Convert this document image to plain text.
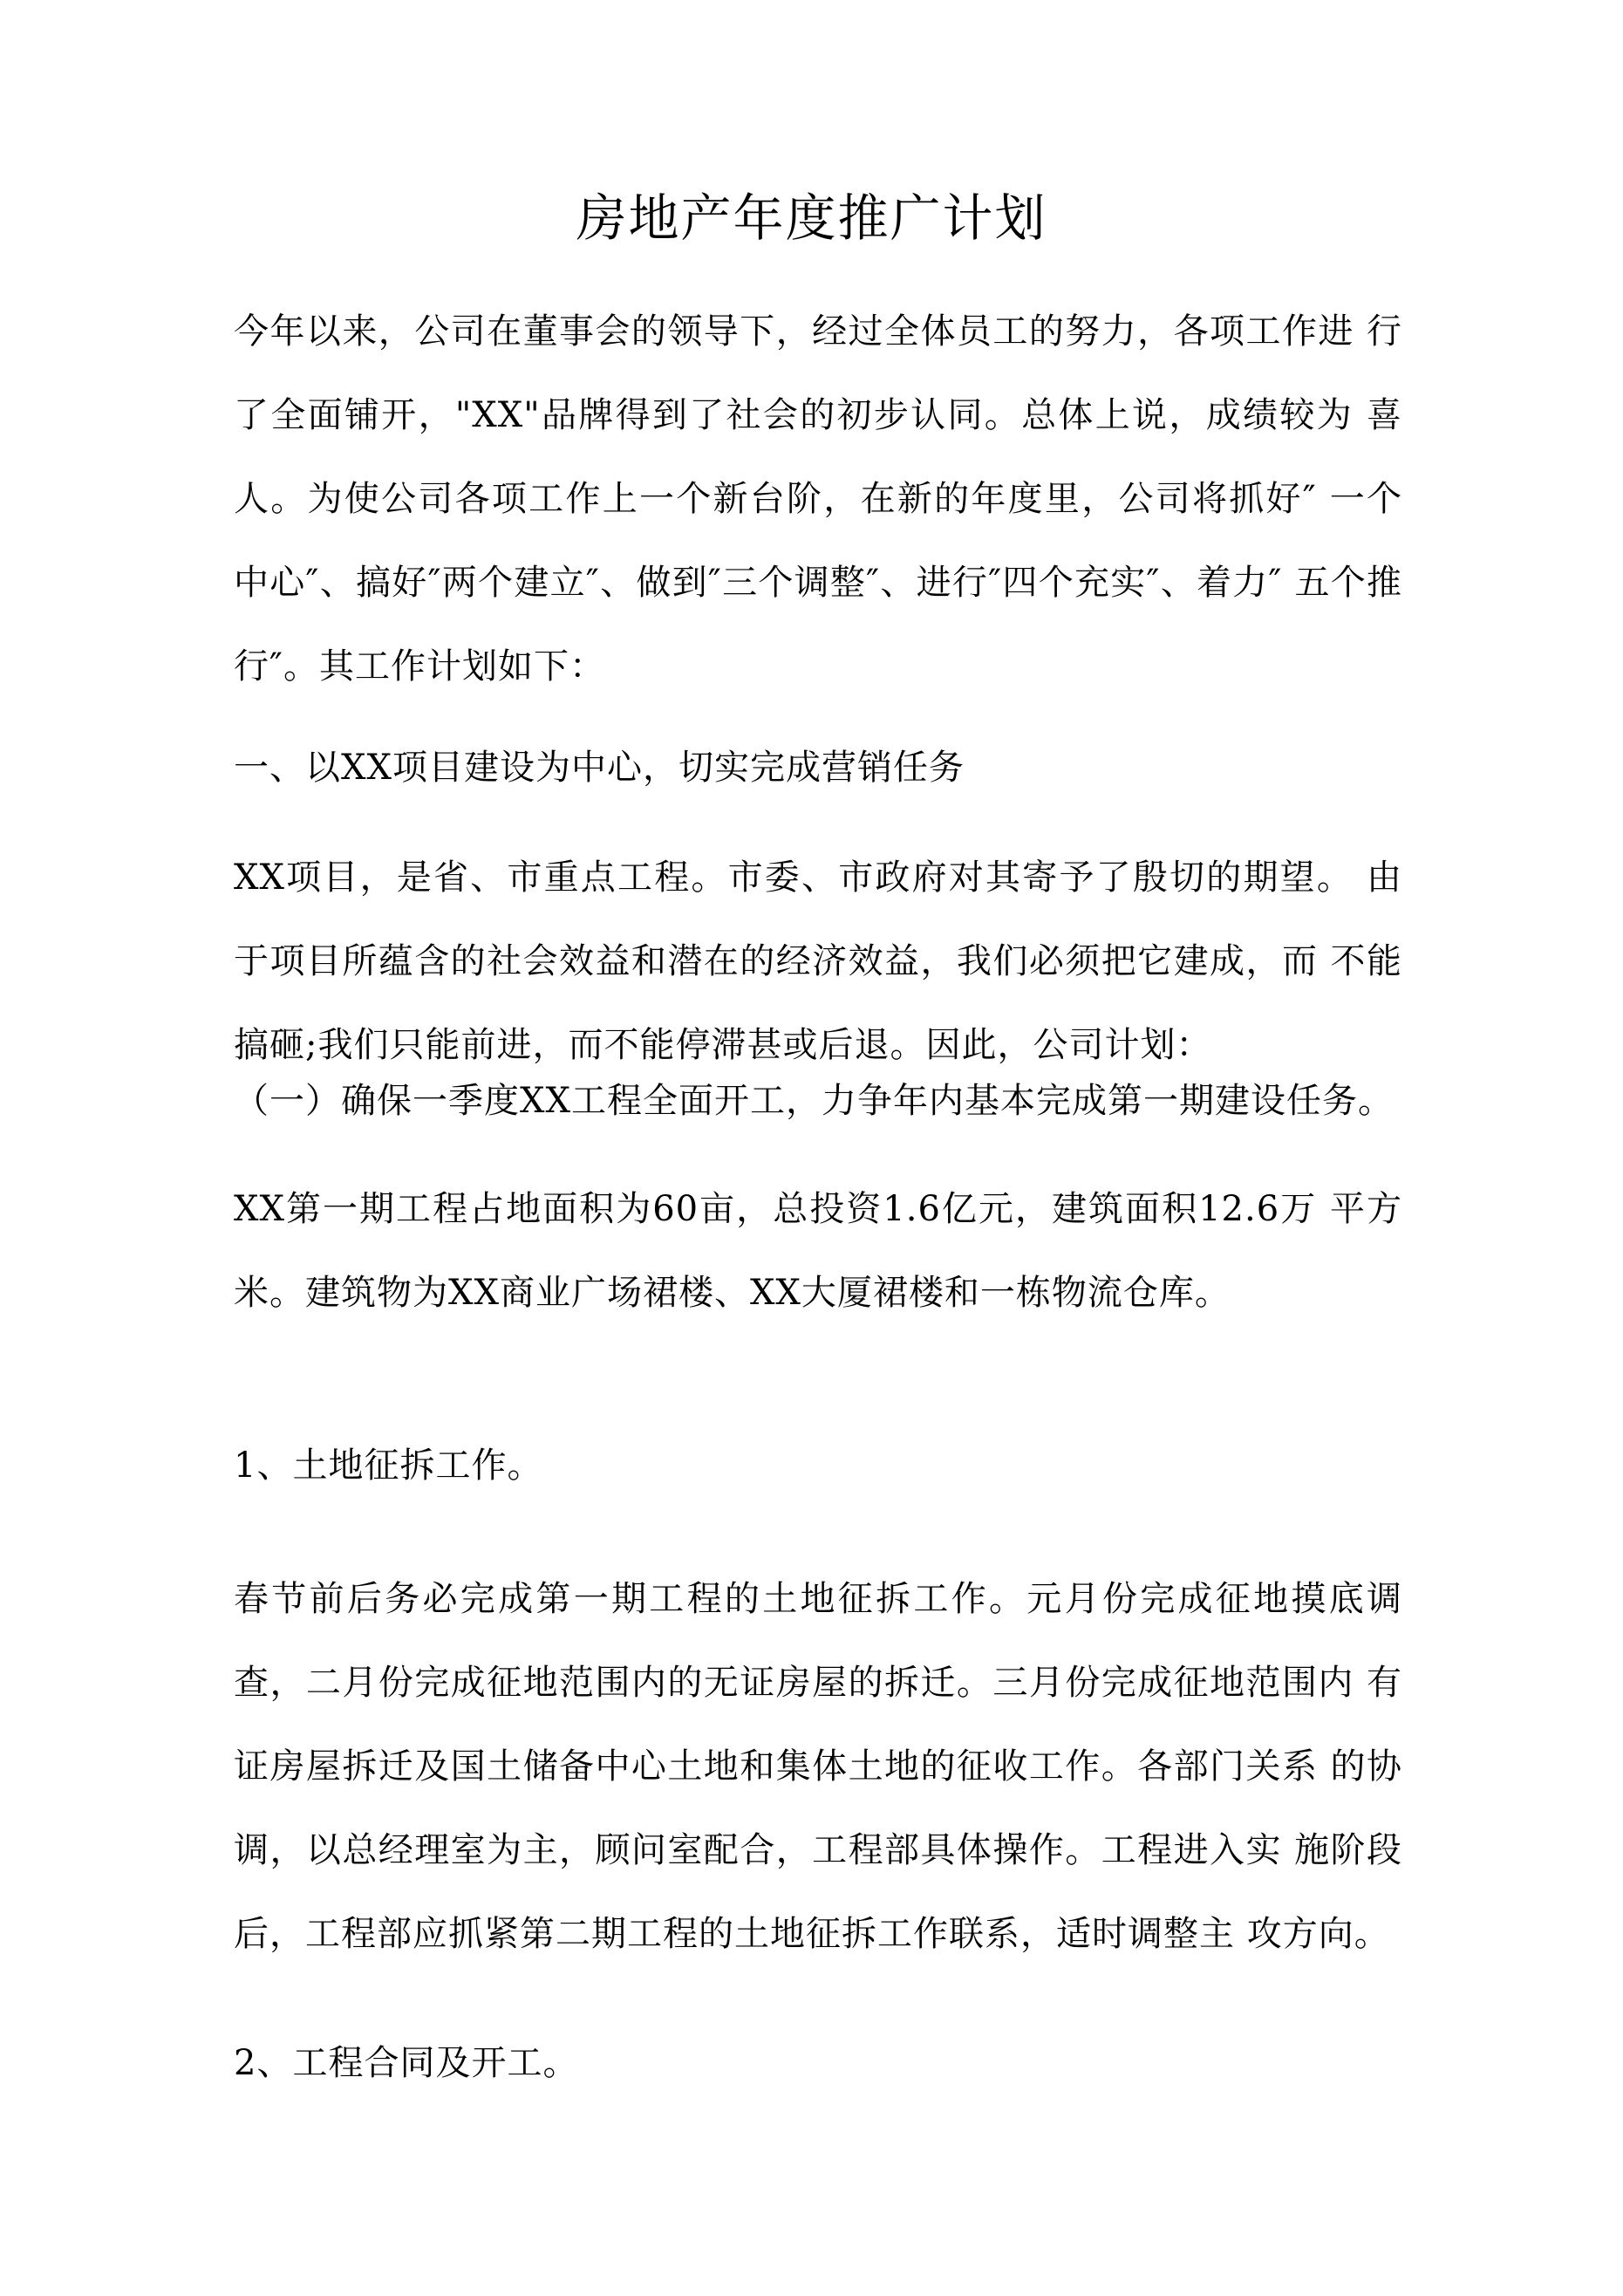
房地产年度推广计划
今年以来，公司在董事会的领导下，经过全体员工的努力，各项工作进 行了全面铺开，"XX"品牌得到了社会的初步认同。总体上说，成绩较为 喜人。为使公司各项工作上一个新台阶，在新的年度里，公司将抓好″ 一个中心″、搞好″两个建立″、做到″三个调整″、进行″四个充实″、着力″ 五个推行″。其工作计划如下：
一、以XX项目建设为中心，切实完成营销任务
XX项目，是省、市重点工程。市委、市政府对其寄予了殷切的期望。 由于项目所蕴含的社会效益和潜在的经济效益，我们必须把它建成，而 不能搞砸;我们只能前进，而不能停滞甚或后退。因此，公司计划：
（一）确保一季度XX工程全面开工，力争年内基本完成第一期建设任务。
XX第一期工程占地面积为60亩，总投资1.6亿元，建筑面积12.6万 平方米。建筑物为XX商业广场裙楼、XX大厦裙楼和一栋物流仓库。
1、土地征拆工作。
春节前后务必完成第一期工程的土地征拆工作。元月份完成征地摸底调 查，二月份完成征地范围内的无证房屋的拆迁。三月份完成征地范围内 有证房屋拆迁及国土储备中心土地和集体土地的征收工作。各部门关系 的协调，以总经理室为主，顾问室配合，工程部具体操作。工程进入实 施阶段后，工程部应抓紧第二期工程的土地征拆工作联系，适时调整主 攻方向。
2、工程合同及开工。
